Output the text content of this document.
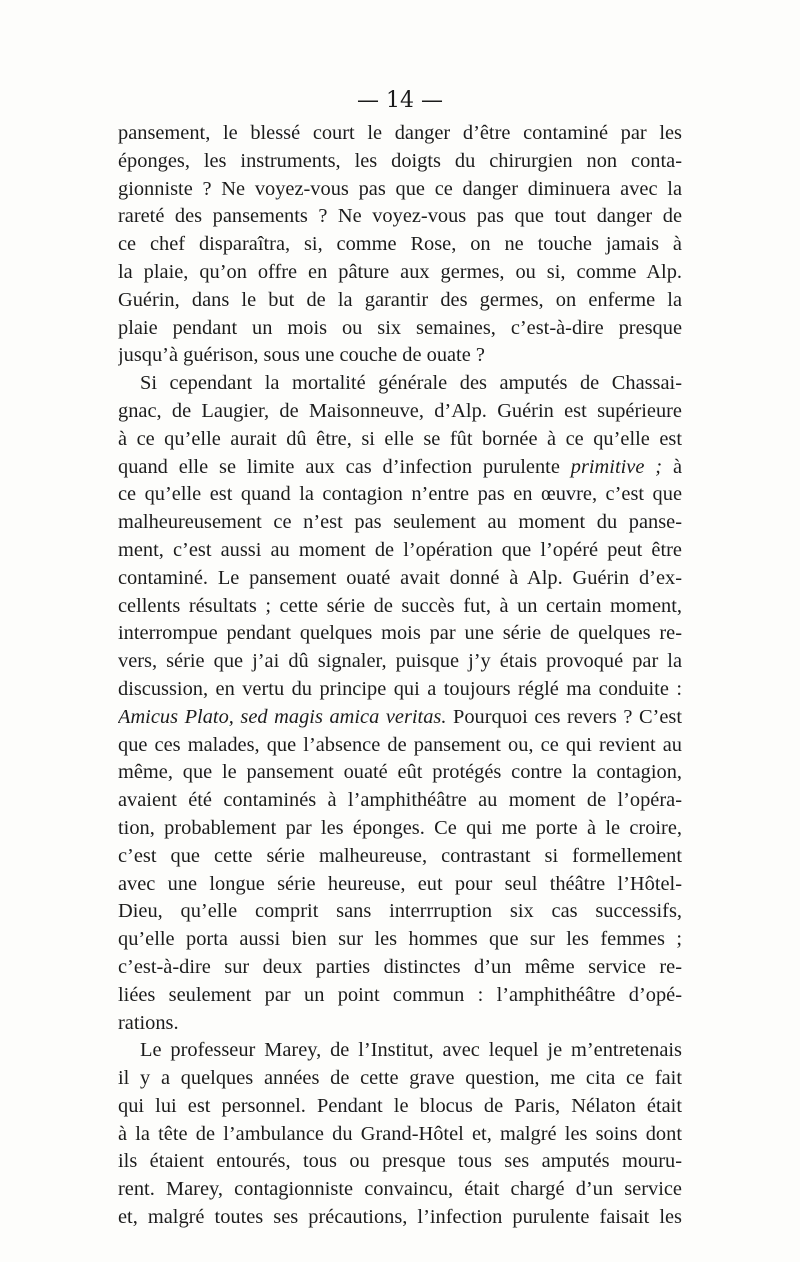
— 14 —
pansement, le blessé court le danger d’être contaminé par les
éponges, les instruments, les doigts du chirurgien non conta-
gionniste ? Ne voyez-vous pas que ce danger diminuera avec la
rareté des pansements ? Ne voyez-vous pas que tout danger de
ce chef disparaîtra, si, comme Rose, on ne touche jamais à
la plaie, qu’on offre en pâture aux germes, ou si, comme Alp.
Guérin, dans le but de la garantir des germes, on enferme la
plaie pendant un mois ou six semaines, c’est-à-dire presque
jusqu’à guérison, sous une couche de ouate ?
Si cependant la mortalité générale des amputés de Chassai-
gnac, de Laugier, de Maisonneuve, d’Alp. Guérin est supérieure
à ce qu’elle aurait dû être, si elle se fût bornée à ce qu’elle est
quand elle se limite aux cas d’infection purulente primitive ; à
ce qu’elle est quand la contagion n’entre pas en œuvre, c’est que
malheureusement ce n’est pas seulement au moment du panse-
ment, c’est aussi au moment de l’opération que l’opéré peut être
contaminé. Le pansement ouaté avait donné à Alp. Guérin d’ex-
cellents résultats ; cette série de succès fut, à un certain moment,
interrompue pendant quelques mois par une série de quelques re-
vers, série que j’ai dû signaler, puisque j’y étais provoqué par la
discussion, en vertu du principe qui a toujours réglé ma conduite :
Amicus Plato, sed magis amica veritas. Pourquoi ces revers ? C’est
que ces malades, que l’absence de pansement ou, ce qui revient au
même, que le pansement ouaté eût protégés contre la contagion,
avaient été contaminés à l’amphithéâtre au moment de l’opéra-
tion, probablement par les éponges. Ce qui me porte à le croire,
c’est que cette série malheureuse, contrastant si formellement
avec une longue série heureuse, eut pour seul théâtre l’Hôtel-
Dieu, qu’elle comprit sans interrruption six cas successifs,
qu’elle porta aussi bien sur les hommes que sur les femmes ;
c’est-à-dire sur deux parties distinctes d’un même service re-
liées seulement par un point commun : l’amphithéâtre d’opé-
rations.
Le professeur Marey, de l’Institut, avec lequel je m’entretenais
il y a quelques années de cette grave question, me cita ce fait
qui lui est personnel. Pendant le blocus de Paris, Nélaton était
à la tête de l’ambulance du Grand-Hôtel et, malgré les soins dont
ils étaient entourés, tous ou presque tous ses amputés mouru-
rent. Marey, contagionniste convaincu, était chargé d’un service
et, malgré toutes ses précautions, l’infection purulente faisait les
